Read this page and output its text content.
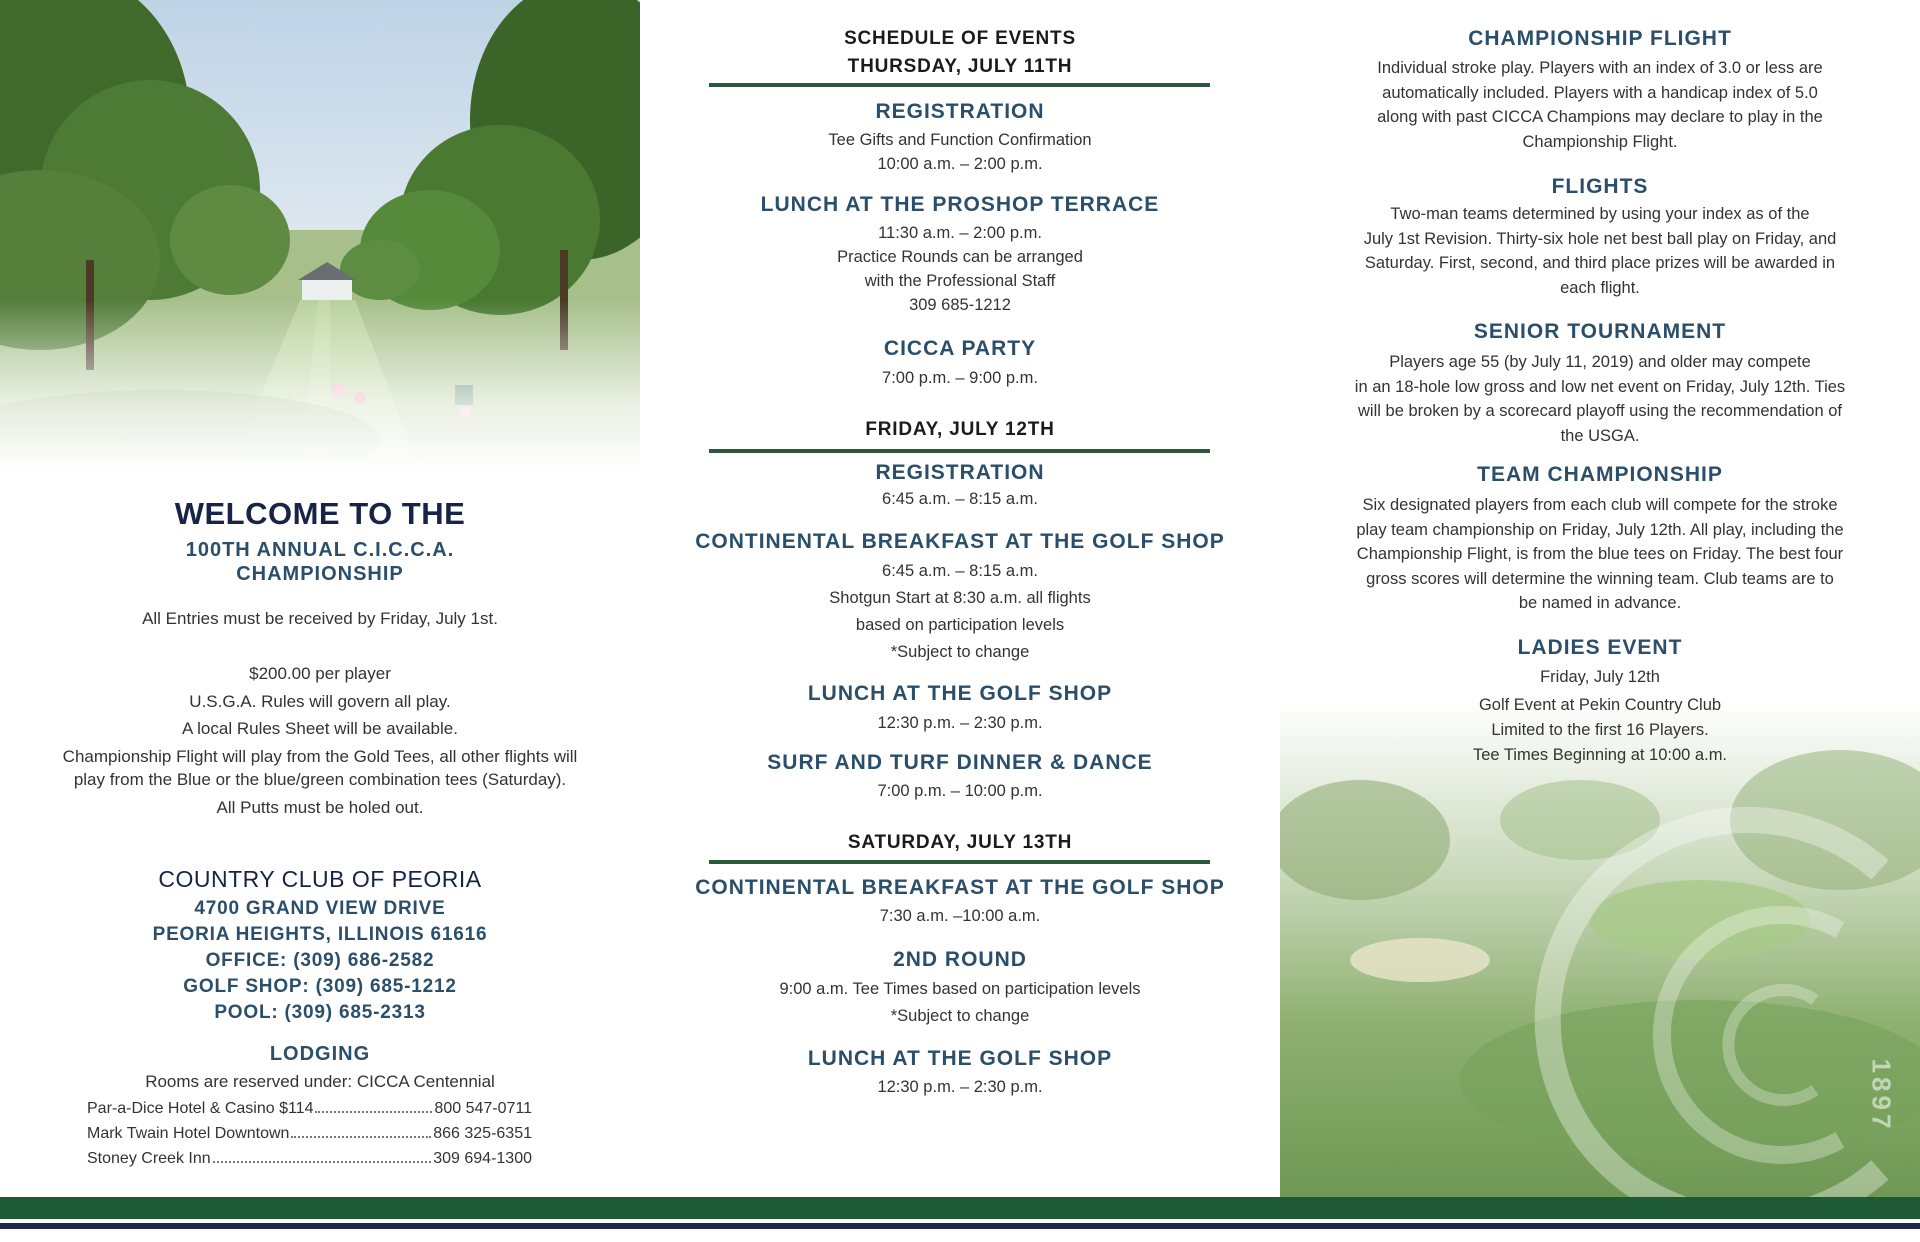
WELCOME TO THE
100TH ANNUAL C.I.C.C.A.
CHAMPIONSHIP
All Entries must be received by Friday, July 1st.
$200.00 per player
U.S.G.A. Rules will govern all play.
A local Rules Sheet will be available.
Championship Flight will play from the Gold Tees, all other flights will
play from the Blue or the blue/green combination tees (Saturday).
All Putts must be holed out.
COUNTRY CLUB OF PEORIA
4700 GRAND VIEW DRIVE
PEORIA HEIGHTS, ILLINOIS 61616
OFFICE: (309) 686-2582
GOLF SHOP: (309) 685-1212
POOL: (309) 685-2313
LODGING
Rooms are reserved under: CICCA Centennial
Par-a-Dice Hotel & Casino $114	800 547-0711
Mark Twain Hotel Downtown	866 325-6351
Stoney Creek Inn	309 694-1300
SCHEDULE OF EVENTS
THURSDAY, JULY 11TH
REGISTRATION
Tee Gifts and Function Confirmation
10:00 a.m. – 2:00 p.m.
LUNCH AT THE PROSHOP TERRACE
11:30 a.m. – 2:00 p.m.
Practice Rounds can be arranged
with the Professional Staff
309 685-1212
CICCA PARTY
7:00 p.m. – 9:00 p.m.
FRIDAY, JULY 12TH
REGISTRATION
6:45 a.m. – 8:15 a.m.
CONTINENTAL BREAKFAST AT THE GOLF SHOP
6:45 a.m. – 8:15 a.m.
Shotgun Start at 8:30 a.m. all flights
based on participation levels
*Subject to change
LUNCH AT THE GOLF SHOP
12:30 p.m. – 2:30 p.m.
SURF AND TURF DINNER & DANCE
7:00 p.m. – 10:00 p.m.
SATURDAY, JULY 13TH
CONTINENTAL BREAKFAST AT THE GOLF SHOP
7:30 a.m. –10:00 a.m.
2ND ROUND
9:00 a.m. Tee Times based on participation levels
*Subject to change
LUNCH AT THE GOLF SHOP
12:30 p.m. – 2:30 p.m.	1897
CHAMPIONSHIP FLIGHT
Individual stroke play. Players with an index of 3.0 or less are
automatically included. Players with a handicap index of 5.0
along with past CICCA Champions may declare to play in the
Championship Flight.
FLIGHTS
Two-man teams determined by using your index as of the
July 1st Revision. Thirty-six hole net best ball play on Friday, and
Saturday. First, second, and third place prizes will be awarded in
each flight.
SENIOR TOURNAMENT
Players age 55 (by July 11, 2019) and older may compete
in an 18-hole low gross and low net event on Friday, July 12th. Ties
will be broken by a scorecard playoff using the recommendation of
the USGA.
TEAM CHAMPIONSHIP
Six designated players from each club will compete for the stroke
play team championship on Friday, July 12th. All play, including the
Championship Flight, is from the blue tees on Friday. The best four
gross scores will determine the winning team. Club teams are to
be named in advance.
LADIES EVENT
Friday, July 12th
Golf Event at Pekin Country Club
Limited to the first 16 Players.
Tee Times Beginning at 10:00 a.m.
